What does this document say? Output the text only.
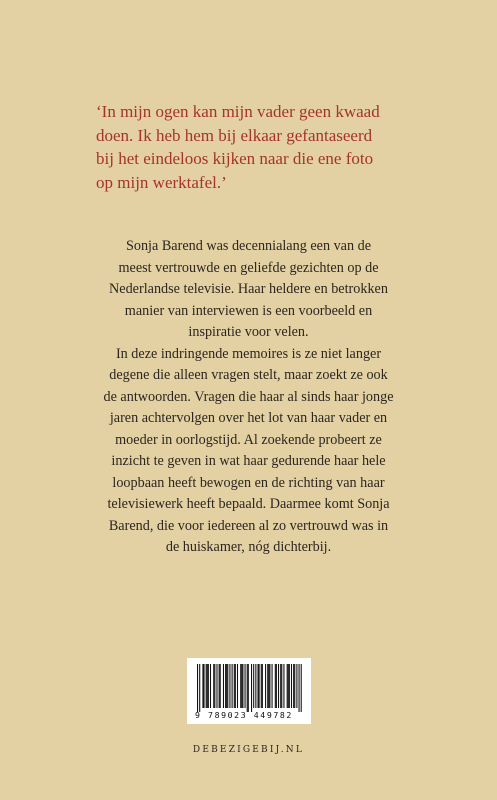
‘In mijn ogen kan mijn vader geen kwaad
doen. Ik heb hem bij elkaar gefantaseerd
bij het eindeloos kijken naar die ene foto
op mijn werktafel.’

Sonja Barend was decennialang een van de
meest vertrouwde en geliefde gezichten op de
Nederlandse televisie. Haar heldere en betrokken
manier van interviewen is een voorbeeld en
inspiratie voor velen.
In deze indringende memoires is ze niet langer
degene die alleen vragen stelt, maar zoekt ze ook
de antwoorden. Vragen die haar al sinds haar jonge
jaren achtervolgen over het lot van haar vader en
moeder in oorlogstijd. Al zoekende probeert ze
inzicht te geven in wat haar gedurende haar hele
loopbaan heeft bewogen en de richting van haar
televisiewerk heeft bepaald. Daarmee komt Sonja
Barend, die voor iedereen al zo vertrouwd was in
de huiskamer, nóg dichterbij.

9 789023 449782
DEBEZIGEBIJ.NL
